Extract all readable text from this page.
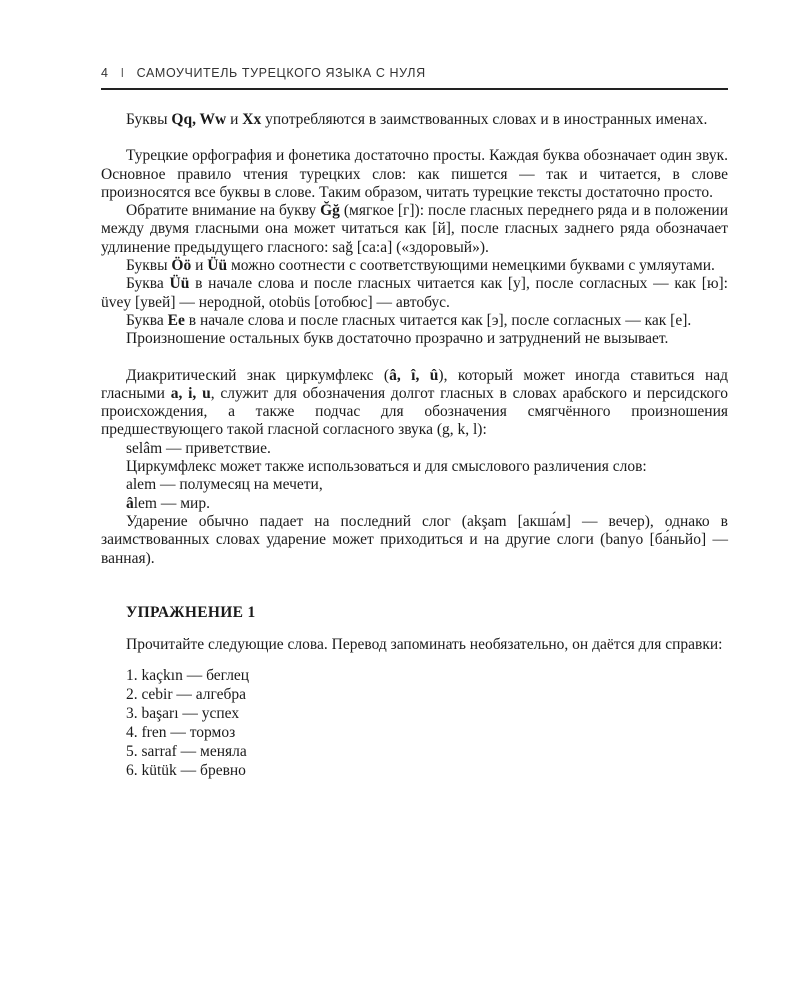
4 I САМОУЧИТЕЛЬ ТУРЕЦКОГО ЯЗЫКА С НУЛЯ

Буквы Qq, Ww и Xx употребляются в заимствованных словах и в иностранных именах.

Турецкие орфография и фонетика достаточно просты. Каждая буква обозначает один звук. Основное правило чтения турецких слов: как пишется — так и читается, в слове произносятся все буквы в слове. Таким образом, читать турецкие тексты достаточно просто.

Обратите внимание на букву Ğğ (мягкое [г]): после гласных переднего ряда и в положении между двумя гласными она может читаться как [й], после гласных заднего ряда обозначает удлинение предыдущего гласного: sağ [са:а] («здоровый»).

Буквы Öö и Üü можно соотнести с соответствующими немецкими буквами с умляутами.

Буква Üü в начале слова и после гласных читается как [у], после согласных — как [ю]: üvey [увей] — неродной, otobüs [отобюс] — автобус.

Буква Ee в начале слова и после гласных читается как [э], после согласных — как [е].

Произношение остальных букв достаточно прозрачно и затруднений не вызывает.

Диакритический знак циркумфлекс (â, î, û), который может иногда ставиться над гласными a, i, u, служит для обозначения долгот гласных в словах арабского и персидского происхождения, а также подчас для обозначения смягчённого произношения предшествующего такой гласной согласного звука (g, k, l):

selâm — приветствие.

Циркумфлекс может также использоваться и для смыслового различения слов:

alem — полумесяц на мечети,

âlem — мир.

Ударение обычно падает на последний слог (akşam [акша́м] — вечер), однако в заимствованных словах ударение может приходиться и на другие слоги (banyo [ба́ньйо] — ванная).

УПРАЖНЕНИЕ 1

Прочитайте следующие слова. Перевод запоминать необязательно, он даётся для справки:

1. kaçkın — беглец
2. cebir — алгебра
3. başarı — успех
4. fren — тормоз
5. sarraf — меняла
6. kütük — бревно
